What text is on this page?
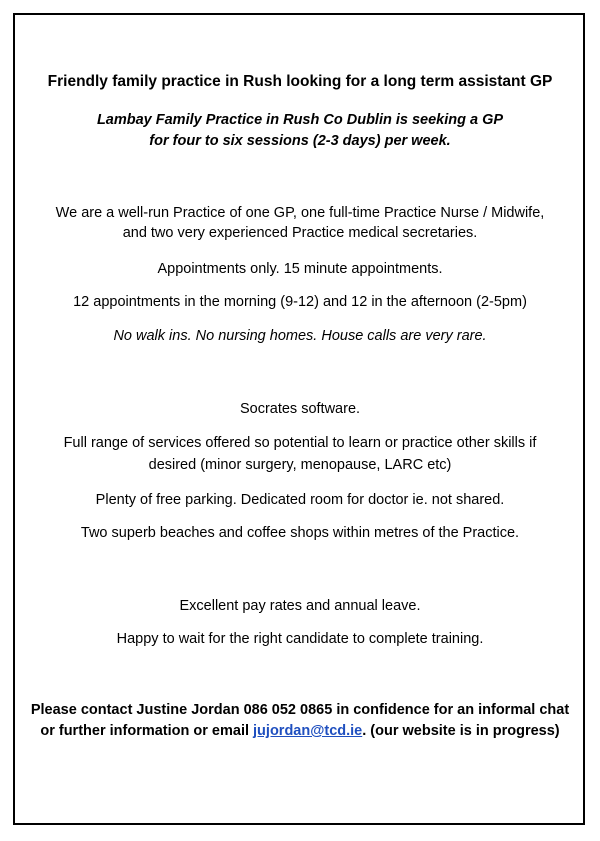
Friendly family practice in Rush looking for a long term assistant GP
Lambay Family Practice in Rush Co Dublin is seeking a GP
for four to six sessions (2-3 days) per week.
We are a well-run Practice of one GP, one full-time Practice Nurse / Midwife,
and two very experienced Practice medical secretaries.
Appointments only. 15 minute appointments.
12 appointments in the morning (9-12) and 12 in the afternoon (2-5pm)
No walk ins. No nursing homes. House calls are very rare.
Socrates software.
Full range of services offered so potential to learn or practice other skills if
desired (minor surgery, menopause, LARC etc)
Plenty of free parking. Dedicated room for doctor ie. not shared.
Two superb beaches and coffee shops within metres of the Practice.
Excellent pay rates and annual leave.
Happy to wait for the right candidate to complete training.
Please contact Justine Jordan 086 052 0865 in confidence for an informal chat
or further information or email jujordan@tcd.ie. (our website is in progress)
